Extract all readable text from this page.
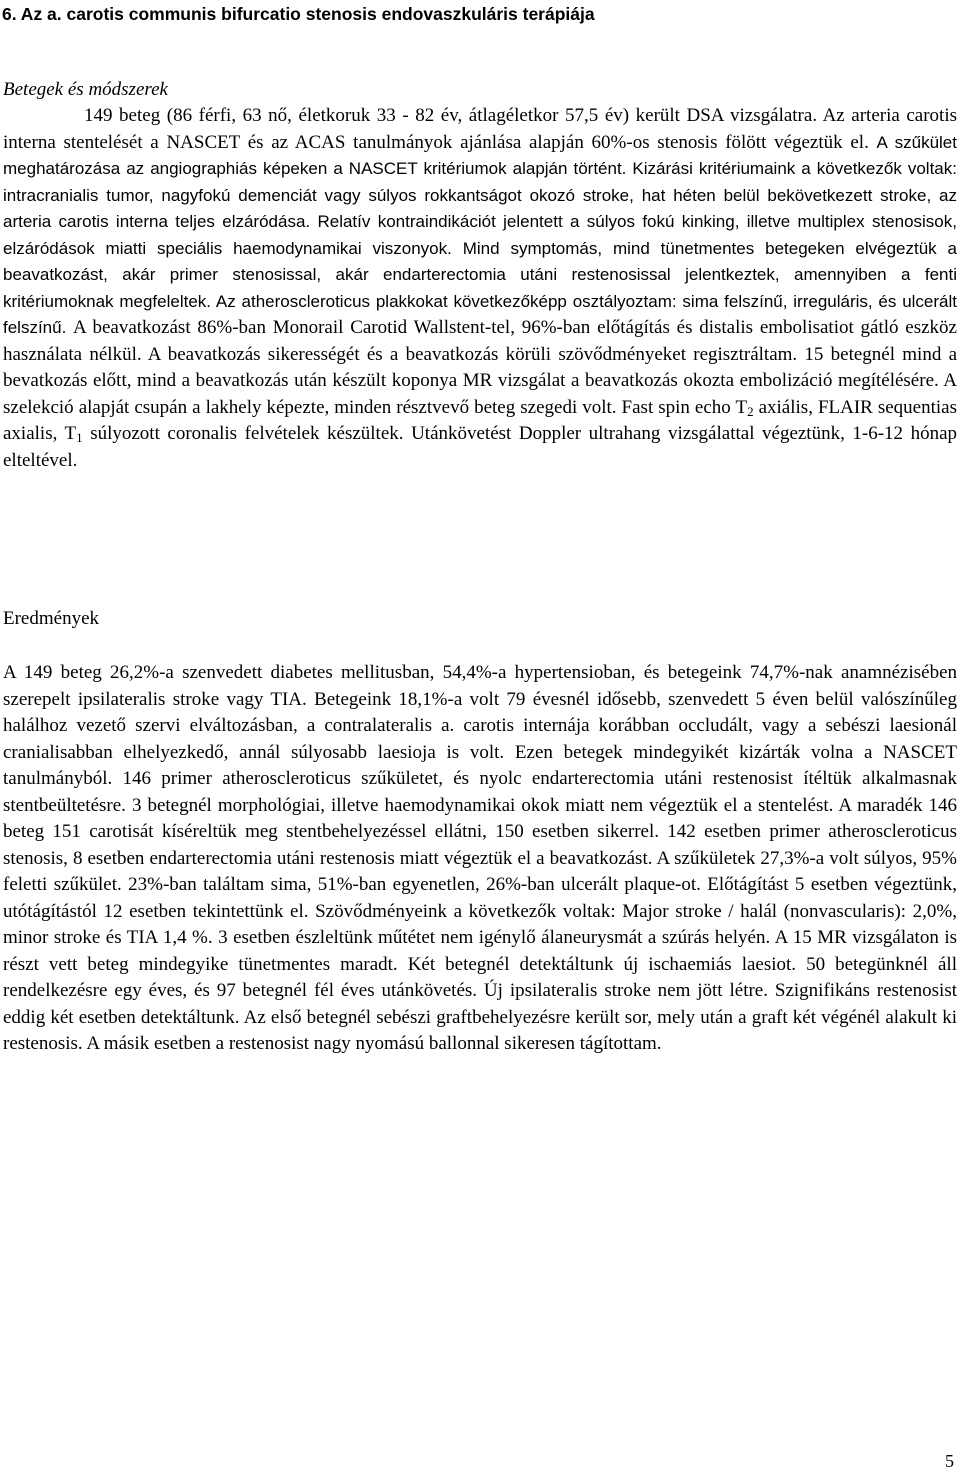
6. Az a. carotis communis bifurcatio stenosis endovaszkuláris terápiája
Betegek és módszerek

149 beteg (86 férfi, 63 nő, életkoruk 33 - 82 év, átlagéletkor 57,5 év) került DSA vizsgálatra. Az arteria carotis interna stentelését a NASCET és az ACAS tanulmányok ajánlása alapján 60%-os stenosis fölött végeztük el. A szűkület meghatározása az angiographiás képeken a NASCET kritériumok alapján történt. Kizárási kritériumaink a következők voltak: intracranialis tumor, nagyfokú demenciát vagy súlyos rokkantságot okozó stroke, hat héten belül bekövetkezett stroke, az arteria carotis interna teljes elzáródása. Relatív kontraindikációt jelentett a súlyos fokú kinking, illetve multiplex stenosisok, elzáródások miatti speciális haemodynamikai viszonyok. Mind symptomás, mind tünetmentes betegeken elvégeztük a beavatkozást, akár primer stenosissal, akár endarterectomia utáni restenosissal jelentkeztek, amennyiben a fenti kritériumoknak megfeleltek. Az atheroscleroticus plakkokat következőképp osztályoztam: sima felszínű, irreguláris, és ulcerált felszínű. A beavatkozást 86%-ban Monorail Carotid Wallstent-tel, 96%-ban előtágítás és distalis embolisatiot gátló eszköz használata nélkül. A beavatkozás sikerességét és a beavatkozás körüli szövődményeket regisztráltam. 15 betegnél mind a bevatkozás előtt, mind a beavatkozás után készült koponya MR vizsgálat a beavatkozás okozta embolizáció megítélésére. A szelekció alapját csupán a lakhely képezte, minden résztvevő beteg szegedi volt. Fast spin echo $T_2$ axiális, FLAIR sequentias axialis, $T_1$ súlyozott coronalis felvételek készültek. Utánkövetést Doppler ultrahang vizsgálattal végeztünk, 1-6-12 hónap elteltével.

Eredmények

A 149 beteg 26,2%-a szenvedett diabetes mellitusban, 54,4%-a hypertensioban, és betegeink 74,7%-nak anamnézisében szerepelt ipsilateralis stroke vagy TIA. Betegeink 18,1%-a volt 79 évesnél idősebb, szenvedett 5 éven belül valószínűleg halálhoz vezető szervi elváltozásban, a contralateralis a. carotis internája korábban occludált, vagy a sebészi laesionál cranialisabban elhelyezkedő, annál súlyosabb laesioja is volt. Ezen betegek mindegyikét kizárták volna a NASCET tanulmányból. 146 primer atheroscleroticus szűkületet, és nyolc endarterectomia utáni restenosist ítéltük alkalmasnak stentbeültetésre. 3 betegnél morphológiai, illetve haemodynamikai okok miatt nem végeztük el a stentelést. A maradék 146 beteg 151 carotisát kíséreltük meg stentbehelyezéssel ellátni, 150 esetben sikerrel. 142 esetben primer atheroscleroticus stenosis, 8 esetben endarterectomia utáni restenosis miatt végeztük el a beavatkozást. A szűkületek 27,3%-a volt súlyos, 95% feletti szűkület. 23%-ban találtam sima, 51%-ban egyenetlen, 26%-ban ulcerált plaque-ot. Előtágítást 5 esetben végeztünk, utótágítástól 12 esetben tekintettünk el. Szövődményeink a következők voltak: Major stroke / halál (nonvascularis): 2,0%, minor stroke és TIA 1,4 %. 3 esetben észleltünk műtétet nem igénylő álaneurysmát a szúrás helyén. A 15 MR vizsgálaton is részt vett beteg mindegyike tünetmentes maradt. Két betegnél detektáltunk új ischaemiás laesiot. 50 betegünknél áll rendelkezésre egy éves, és 97 betegnél fél éves utánkövetés. Új ipsilateralis stroke nem jött létre. Szignifikáns restenosist eddig két esetben detektáltunk. Az első betegnél sebészi graftbehelyezésre került sor, mely után a graft két végénél alakult ki restenosis. A másik esetben a restenosist nagy nyomású ballonnal sikeresen tágítottam.

5
